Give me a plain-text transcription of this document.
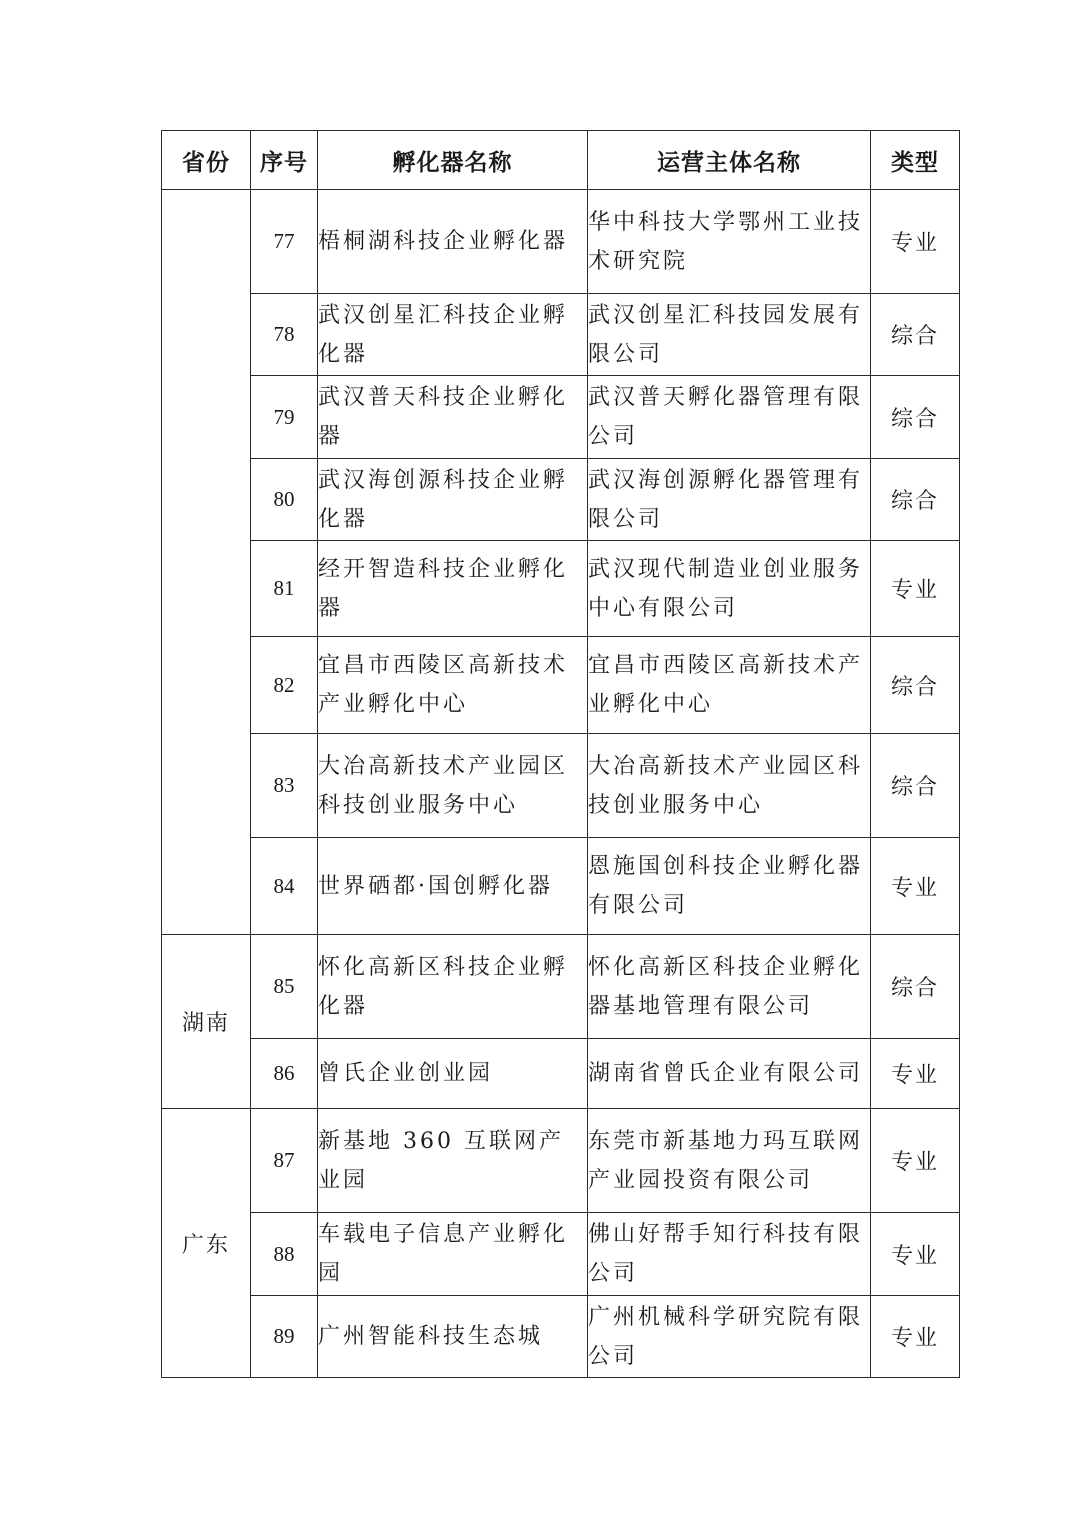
省份	序号	孵化器名称	运营主体名称	类型
	77	梧桐湖科技企业孵化器	华中科技大学鄂州工业技术研究院	专业
	78	武汉创星汇科技企业孵化器	武汉创星汇科技园发展有限公司	综合
	79	武汉普天科技企业孵化器	武汉普天孵化器管理有限公司	综合
	80	武汉海创源科技企业孵化器	武汉海创源孵化器管理有限公司	综合
	81	经开智造科技企业孵化器	武汉现代制造业创业服务中心有限公司	专业
	82	宜昌市西陵区高新技术产业孵化中心	宜昌市西陵区高新技术产业孵化中心	综合
	83	大冶高新技术产业园区科技创业服务中心	大冶高新技术产业园区科技创业服务中心	综合
	84	世界硒都·国创孵化器	恩施国创科技企业孵化器有限公司	专业
湖南	85	怀化高新区科技企业孵化器	怀化高新区科技企业孵化器基地管理有限公司	综合
	86	曾氏企业创业园	湖南省曾氏企业有限公司	专业
广东	87	新基地 360 互联网产业园	东莞市新基地力玛互联网产业园投资有限公司	专业
	88	车载电子信息产业孵化园	佛山好帮手知行科技有限公司	专业
	89	广州智能科技生态城	广州机械科学研究院有限公司	专业
